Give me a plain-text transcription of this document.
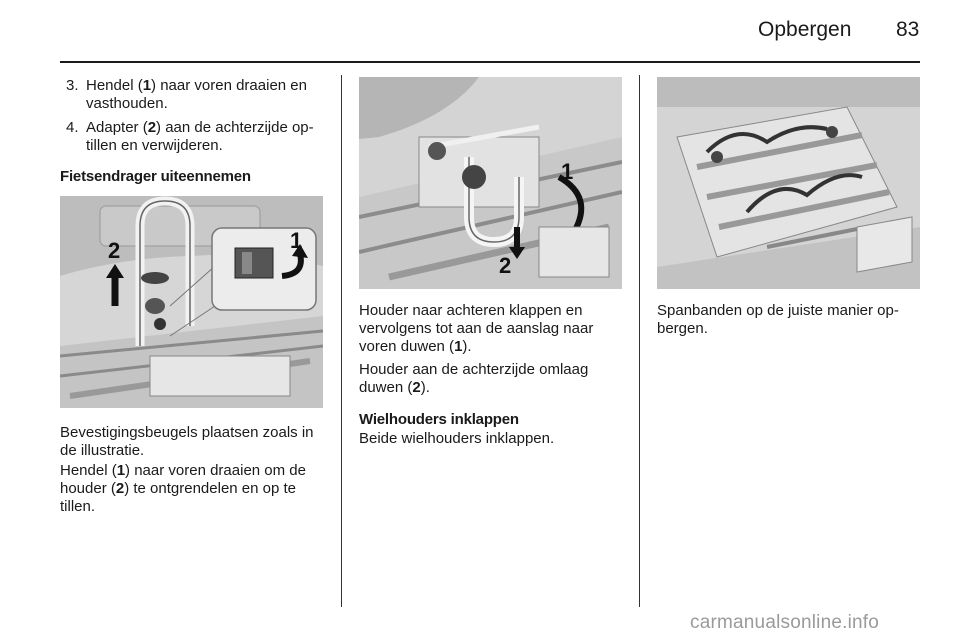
Opbergen 83
3. Hendel (1) naar voren draaien en vasthouden.
4. Adapter (2) aan de achterzijde op-tillen en verwijderen.
Fietsendrager uiteennemen
2	1
Bevestigingsbeugels plaatsen zoals in de illustratie.
Hendel (1) naar voren draaien om de houder (2) te ontgrendelen en op te tillen.
1
2
Houder naar achteren klappen en vervolgens tot aan de aanslag naar voren duwen (1).
Houder aan de achterzijde omlaag duwen (2).
Wielhouders inklappen
Beide wielhouders inklappen.
Spanbanden op de juiste manier op-bergen.
carmanualsonline.info
